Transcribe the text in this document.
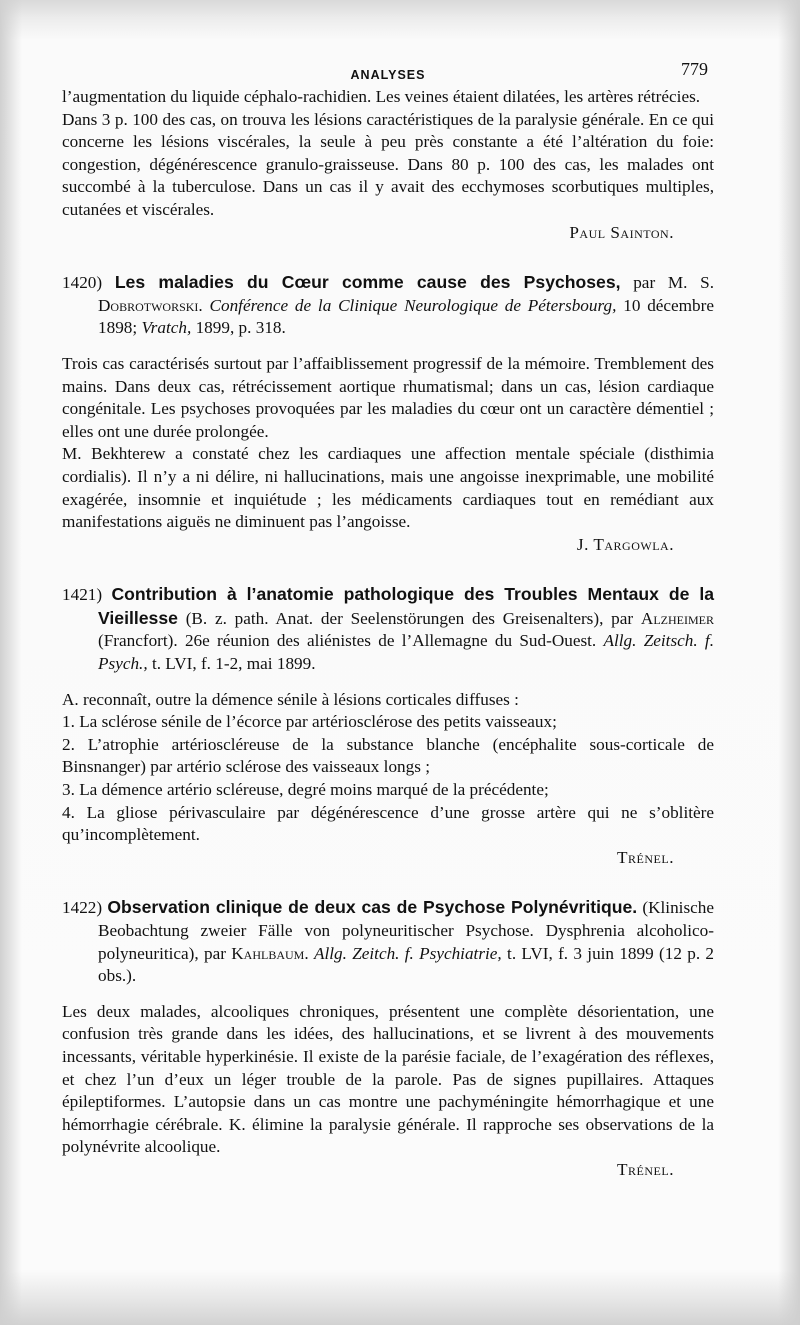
ANALYSES	779

l’augmentation du liquide céphalo-rachidien. Les veines étaient dilatées, les artères rétrécies.

Dans 3 p. 100 des cas, on trouva les lésions caractéristiques de la paralysie générale. En ce qui concerne les lésions viscérales, la seule à peu près constante a été l’altération du foie: congestion, dégénérescence granulo-graisseuse. Dans 80 p. 100 des cas, les malades ont succombé à la tuberculose. Dans un cas il y avait des ecchymoses scorbutiques multiples, cutanées et viscérales.

Paul Sainton.

1420) Les maladies du Cœur comme cause des Psychoses, par M. S. Dobrotworski. Conférence de la Clinique Neurologique de Pétersbourg, 10 décembre 1898; Vratch, 1899, p. 318.

Trois cas caractérisés surtout par l’affaiblissement progressif de la mémoire. Tremblement des mains. Dans deux cas, rétrécissement aortique rhumatismal; dans un cas, lésion cardiaque congénitale. Les psychoses provoquées par les maladies du cœur ont un caractère démentiel ; elles ont une durée prolongée.

M. Bekhterew a constaté chez les cardiaques une affection mentale spéciale (disthimia cordialis). Il n’y a ni délire, ni hallucinations, mais une angoisse inexprimable, une mobilité exagérée, insomnie et inquiétude ; les médicaments cardiaques tout en remédiant aux manifestations aiguës ne diminuent pas l’angoisse.

J. Targowla.

1421) Contribution à l’anatomie pathologique des Troubles Mentaux de la Vieillesse (B. z. path. Anat. der Seelenstörungen des Greisenalters), par Alzheimer (Francfort). 26e réunion des aliénistes de l’Allemagne du Sud-Ouest. Allg. Zeitsch. f. Psych., t. LVI, f. 1-2, mai 1899.

A. reconnaît, outre la démence sénile à lésions corticales diffuses :

1. La sclérose sénile de l’écorce par artériosclérose des petits vaisseaux;

2. L’atrophie artérioscléreuse de la substance blanche (encéphalite sous-corticale de Binsnanger) par artério sclérose des vaisseaux longs ;

3. La démence artério scléreuse, degré moins marqué de la précédente;

4. La gliose périvasculaire par dégénérescence d’une grosse artère qui ne s’oblitère qu’incomplètement.

Trénel.

1422) Observation clinique de deux cas de Psychose Polynévritique. (Klinische Beobachtung zweier Fälle von polyneuritischer Psychose. Dysphrenia alcoholico-polyneuritica), par Kahlbaum. Allg. Zeitch. f. Psychiatrie, t. LVI, f. 3 juin 1899 (12 p. 2 obs.).

Les deux malades, alcooliques chroniques, présentent une complète désorientation, une confusion très grande dans les idées, des hallucinations, et se livrent à des mouvements incessants, véritable hyperkinésie. Il existe de la parésie faciale, de l’exagération des réflexes, et chez l’un d’eux un léger trouble de la parole. Pas de signes pupillaires. Attaques épileptiformes. L’autopsie dans un cas montre une pachyméningite hémorrhagique et une hémorrhagie cérébrale. K. élimine la paralysie générale. Il rapproche ses observations de la polynévrite alcoolique.

Trénel.
